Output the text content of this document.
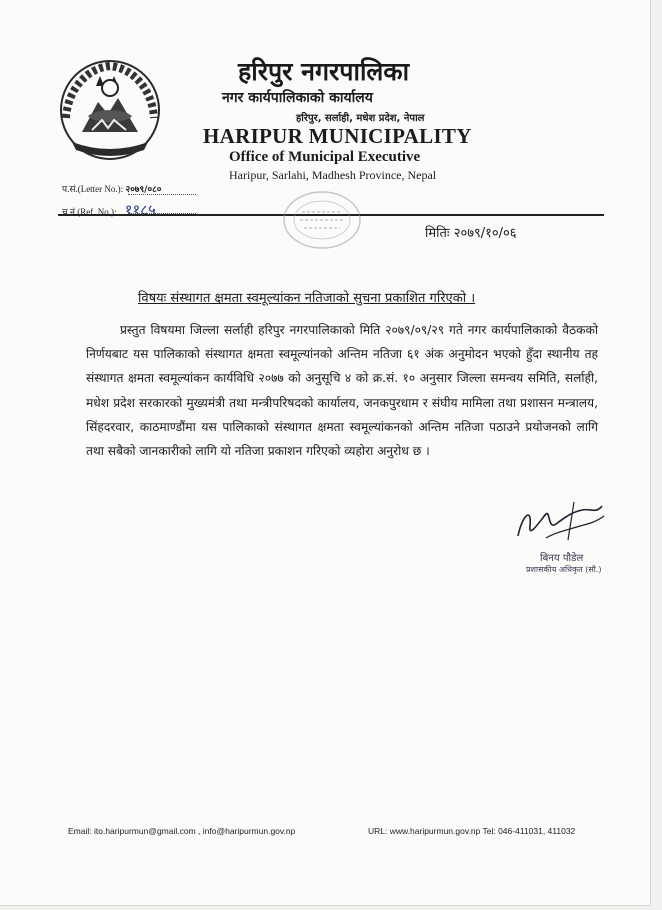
हरिपुर नगरपालिका
नगर कार्यपालिकाको कार्यालय
हरिपुर, सर्लाही, मधेश प्रदेश, नेपाल
HARIPUR MUNICIPALITY
Office of Municipal Executive
Haripur, Sarlahi, Madhesh Province, Nepal
प.सं.(Letter No.): २०७९/०८०
च.नं.(Ref. No.): ११८५
मितिः २०७९/१०/०६
विषयः संस्थागत क्षमता स्वमूल्यांकन नतिजाको सुचना प्रकाशित गरिएको ।
प्रस्तुत विषयमा जिल्ला सर्लाही हरिपुर नगरपालिकाको मिति २०७९/०९/२९ गते नगर कार्यपालिकाको वैठकको निर्णयबाट यस पालिकाको संस्थागत क्षमता स्वमूल्यांनको अन्तिम नतिजा ६१ अंक अनुमोदन भएको हुँदा स्थानीय तह संस्थागत क्षमता स्वमूल्यांकन कार्यविधि २०७७ को अनुसूचि ४ को क्र.सं. १० अनुसार जिल्ला समन्वय समिति, सर्लाही, मधेश प्रदेश सरकारको मुख्यमंत्री तथा मन्त्रीपरिषदको कार्यालय, जनकपुरधाम र संघीय मामिला तथा प्रशासन मन्त्रालय, सिंहदरवार, काठमाण्डौंमा यस पालिकाको संस्थागत क्षमता स्वमूल्यांकनको अन्तिम नतिजा पठाउने प्रयोजनको लागि तथा सबैको जानकारीको लागि यो नतिजा प्रकाशन गरिएको व्यहोरा अनुरोध छ ।
बिनय पौडेल
प्रशासकीय अधिकृत (सौ.)
Email: ito.haripurmun@gmail.com , info@haripurmun.gov.np	URL: www.haripurmun.gov.np Tel: 046-411031, 411032
